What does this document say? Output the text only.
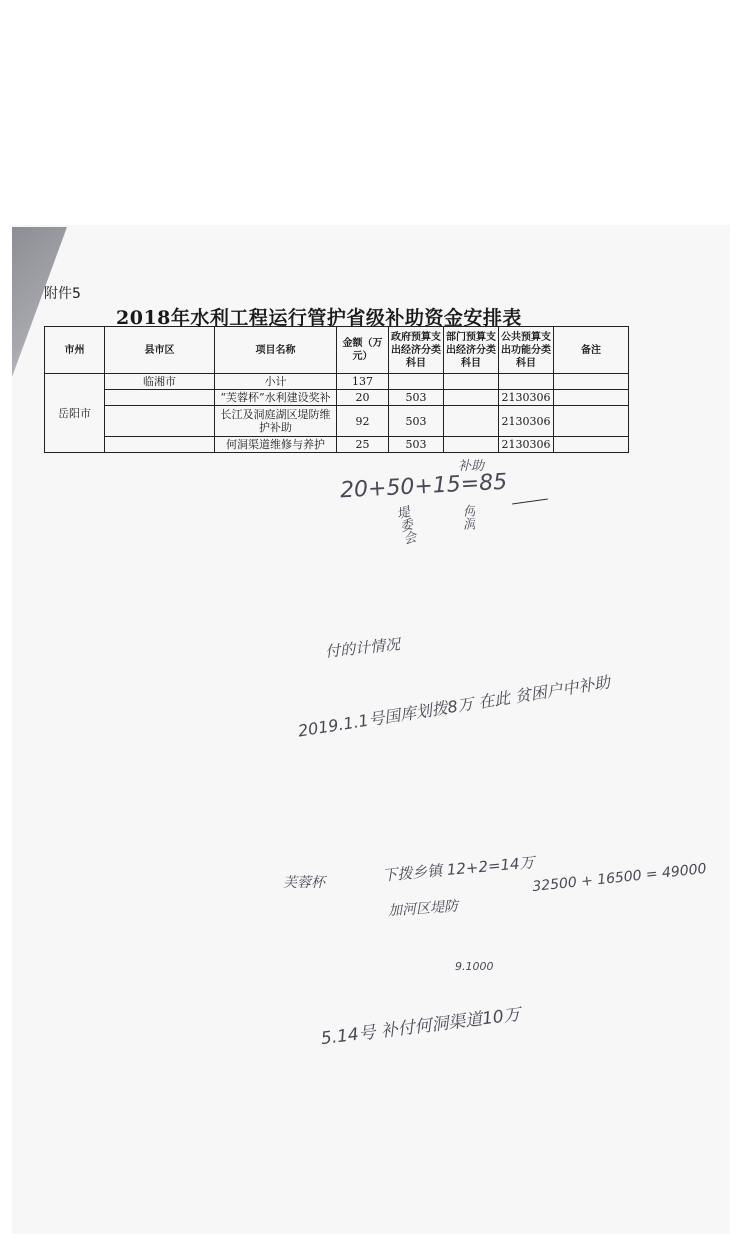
附件5
2018年水利工程运行管护省级补助资金安排表
市州	县市区	项目名称	金额（万元）	政府预算支出经济分类科目	部门预算支出经济分类科目	公共预算支出功能分类科目	备注
岳阳市	临湘市	小计	137				
		“芙蓉杯”水利建设奖补	20	503		2130306	
		长江及洞庭湖区堤防维护补助	92	503		2130306	
		何洞渠道维修与养护	25	503		2130306	
补助
20+50+15=85
堤委会	何洞
付的计情况
2019.1.1号国库划拨8万 在此 贫困户中补助
芙蓉杯	下拨乡镇 12+2=14万
加河区堤防
32500 + 16500 = 49000
9.1000
5.14号 补付何洞渠道10万
